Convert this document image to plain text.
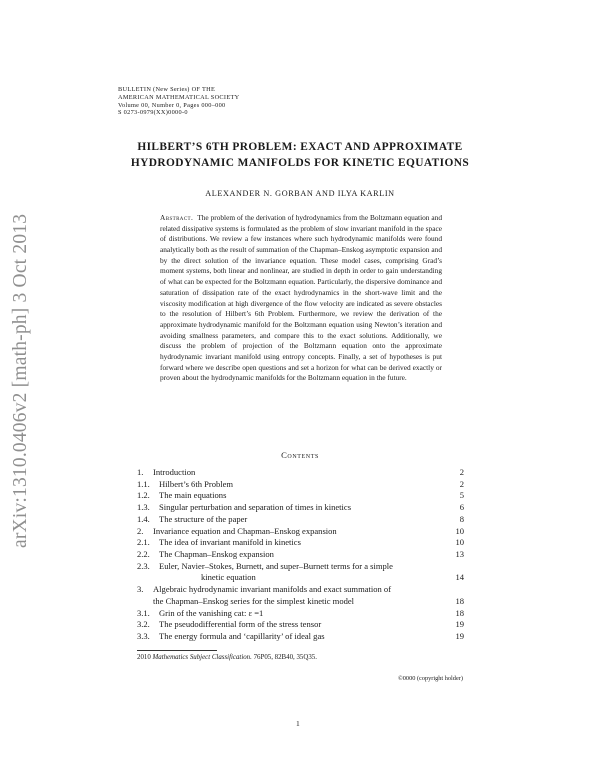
arXiv:1310.0406v2 [math-ph] 3 Oct 2013
BULLETIN (New Series) OF THE
AMERICAN MATHEMATICAL SOCIETY
Volume 00, Number 0, Pages 000–000
S 0273-0979(XX)0000-0
HILBERT’S 6TH PROBLEM: EXACT AND APPROXIMATE
HYDRODYNAMIC MANIFOLDS FOR KINETIC EQUATIONS
ALEXANDER N. GORBAN AND ILYA KARLIN
Abstract. The problem of the derivation of hydrodynamics from the Boltzmann equation and related dissipative systems is formulated as the problem of slow invariant manifold in the space of distributions. We review a few instances where such hydrodynamic manifolds were found analytically both as the result of summation of the Chapman–Enskog asymptotic expansion and by the direct solution of the invariance equation. These model cases, comprising Grad’s moment systems, both linear and nonlinear, are studied in depth in order to gain understanding of what can be expected for the Boltzmann equation. Particularly, the dispersive dominance and saturation of dissipation rate of the exact hydrodynamics in the short-wave limit and the viscosity modification at high divergence of the flow velocity are indicated as severe obstacles to the resolution of Hilbert’s 6th Problem. Furthermore, we review the derivation of the approximate hydrodynamic manifold for the Boltzmann equation using Newton’s iteration and avoiding smallness parameters, and compare this to the exact solutions. Additionally, we discuss the problem of projection of the Boltzmann equation onto the approximate hydrodynamic invariant manifold using entropy concepts. Finally, a set of hypotheses is put forward where we describe open questions and set a horizon for what can be derived exactly or proven about the hydrodynamic manifolds for the Boltzmann equation in the future.
Contents
1. Introduction	2
1.1. Hilbert’s 6th Problem	2
1.2. The main equations	5
1.3. Singular perturbation and separation of times in kinetics	6
1.4. The structure of the paper	8
2. Invariance equation and Chapman–Enskog expansion	10
2.1. The idea of invariant manifold in kinetics	10
2.2. The Chapman–Enskog expansion	13
2.3. Euler, Navier–Stokes, Burnett, and super–Burnett terms for a simple
kinetic equation	14
3. Algebraic hydrodynamic invariant manifolds and exact summation of
the Chapman–Enskog series for the simplest kinetic model	18
3.1. Grin of the vanishing cat: ε =1	18
3.2. The pseudodifferential form of the stress tensor	19
3.3. The energy formula and ‘capillarity’ of ideal gas	19
2010 Mathematics Subject Classification. 76P05, 82B40, 35Q35.
©0000 (copyright holder)
1
